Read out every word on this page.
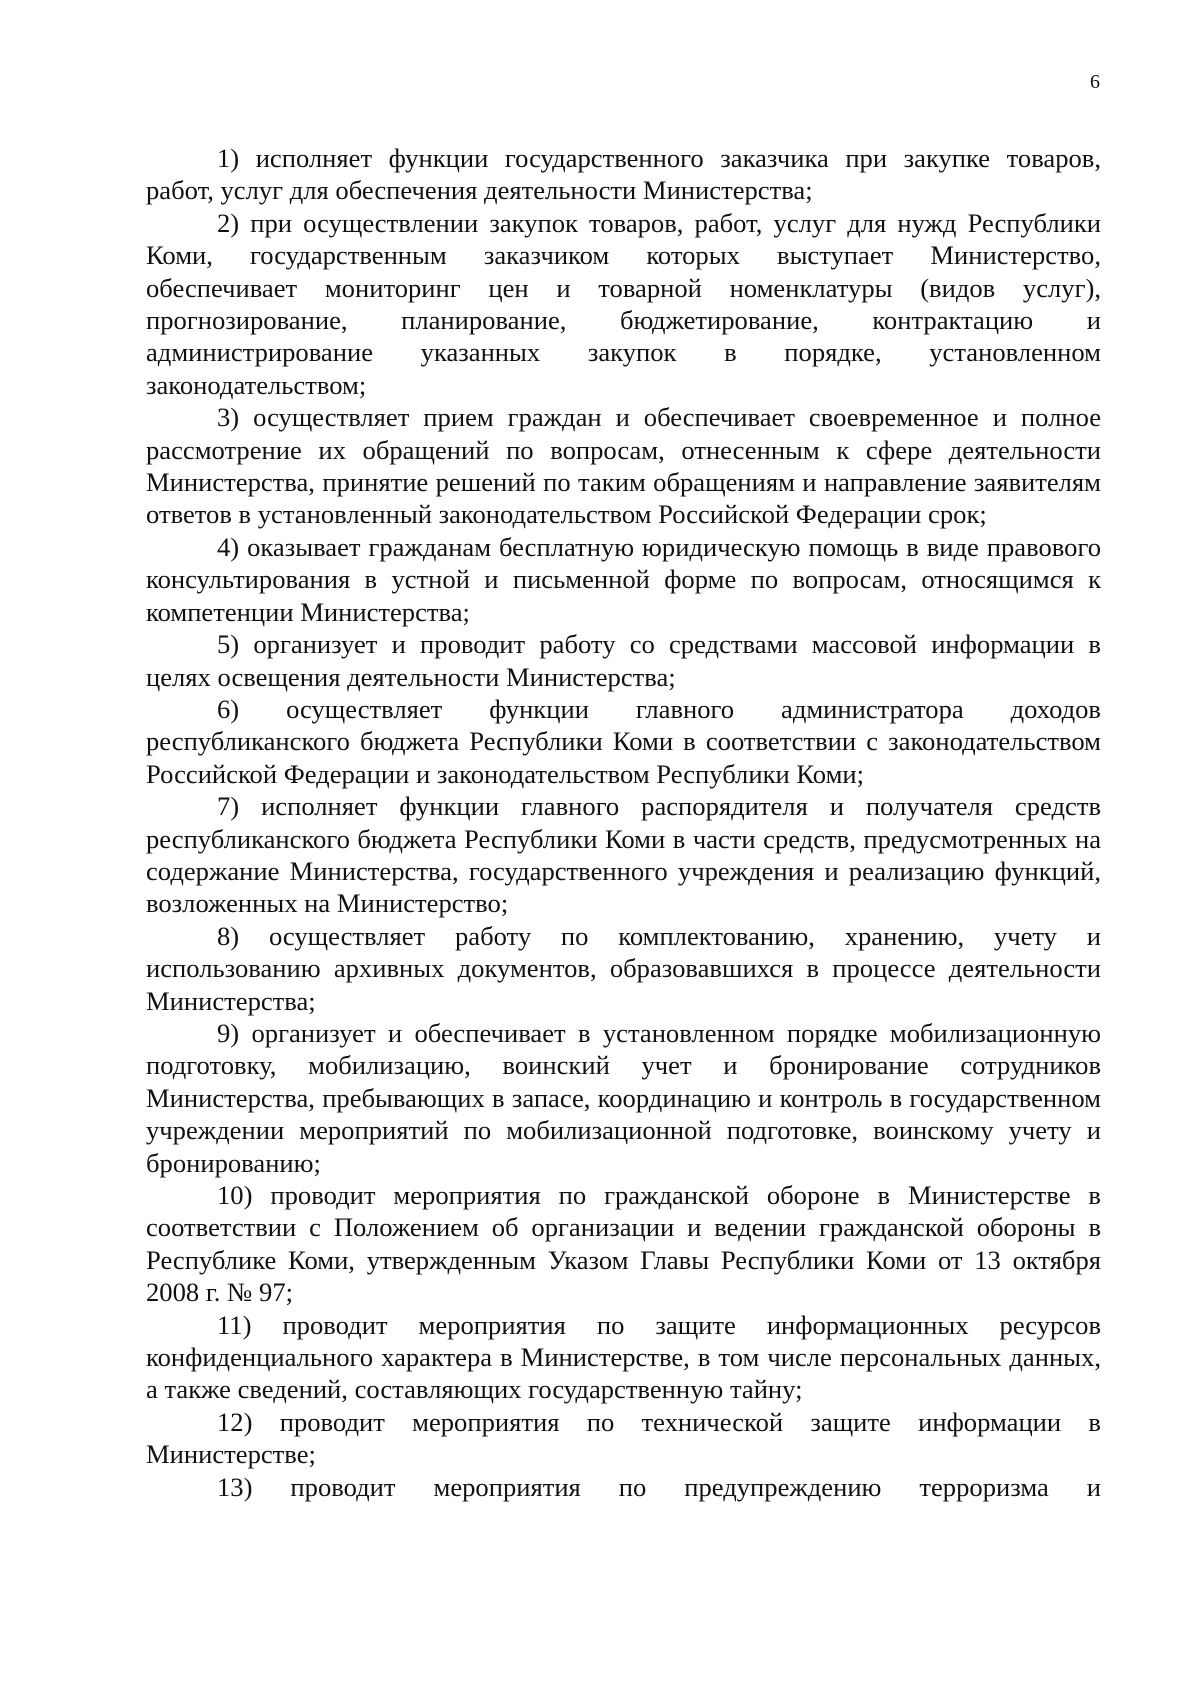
6

1) исполняет функции государственного заказчика при закупке товаров, работ, услуг для обеспечения деятельности Министерства;

2) при осуществлении закупок товаров, работ, услуг для нужд Республики Коми, государственным заказчиком которых выступает Министерство, обеспечивает мониторинг цен и товарной номенклатуры (видов услуг), прогнозирование, планирование, бюджетирование, контрактацию и администрирование указанных закупок в порядке, установленном законодательством;

3) осуществляет прием граждан и обеспечивает своевременное и полное рассмотрение их обращений по вопросам, отнесенным к сфере деятельности Министерства, принятие решений по таким обращениям и направление заявителям ответов в установленный законодательством Российской Федерации срок;

4) оказывает гражданам бесплатную юридическую помощь в виде правового консультирования в устной и письменной форме по вопросам, относящимся к компетенции Министерства;

5) организует и проводит работу со средствами массовой информации в целях освещения деятельности Министерства;

6) осуществляет функции главного администратора доходов республиканского бюджета Республики Коми в соответствии с законодательством Российской Федерации и законодательством Республики Коми;

7) исполняет функции главного распорядителя и получателя средств республиканского бюджета Республики Коми в части средств, предусмотренных на содержание Министерства, государственного учреждения и реализацию функций, возложенных на Министерство;

8) осуществляет работу по комплектованию, хранению, учету и использованию архивных документов, образовавшихся в процессе деятельности Министерства;

9) организует и обеспечивает в установленном порядке мобилизационную подготовку, мобилизацию, воинский учет и бронирование сотрудников Министерства, пребывающих в запасе, координацию и контроль в государственном учреждении мероприятий по мобилизационной подготовке, воинскому учету и бронированию;

10) проводит мероприятия по гражданской обороне в Министерстве в соответствии с Положением об организации и ведении гражданской обороны в Республике Коми, утвержденным Указом Главы Республики Коми от 13 октября 2008 г. № 97;

11) проводит мероприятия по защите информационных ресурсов конфиденциального характера в Министерстве, в том числе персональных данных, а также сведений, составляющих государственную тайну;

12) проводит мероприятия по технической защите информации в Министерстве;

13) проводит мероприятия по предупреждению терроризма и
